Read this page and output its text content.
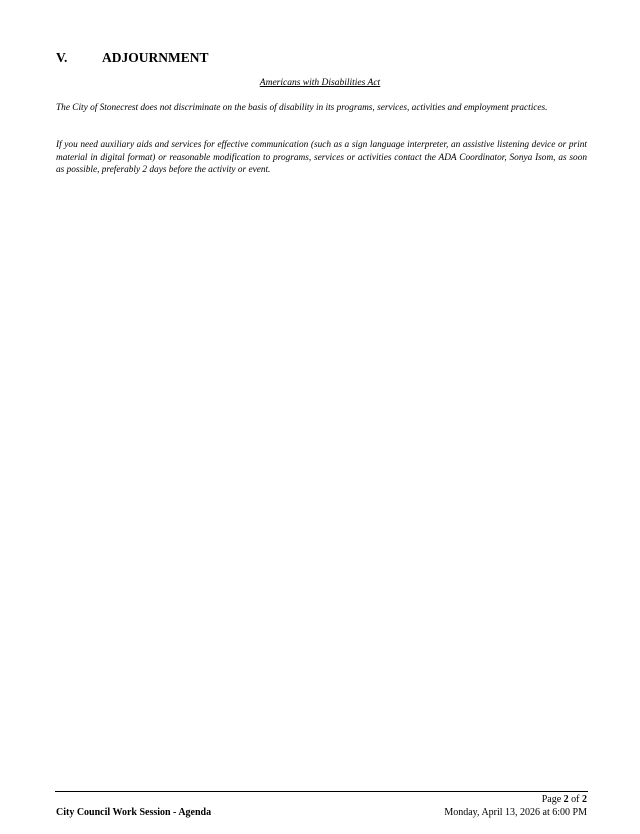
V.	ADJOURNMENT
Americans with Disabilities Act

The City of Stonecrest does not discriminate on the basis of disability in its programs, services, activities and employment practices.

If you need auxiliary aids and services for effective communication (such as a sign language interpreter, an assistive listening device or print material in digital format) or reasonable modification to programs, services or activities contact the ADA Coordinator, Sonya Isom, as soon as possible, preferably 2 days before the activity or event.

Page 2 of 2
City Council Work Session - Agenda	Monday, April 13, 2026 at 6:00 PM
